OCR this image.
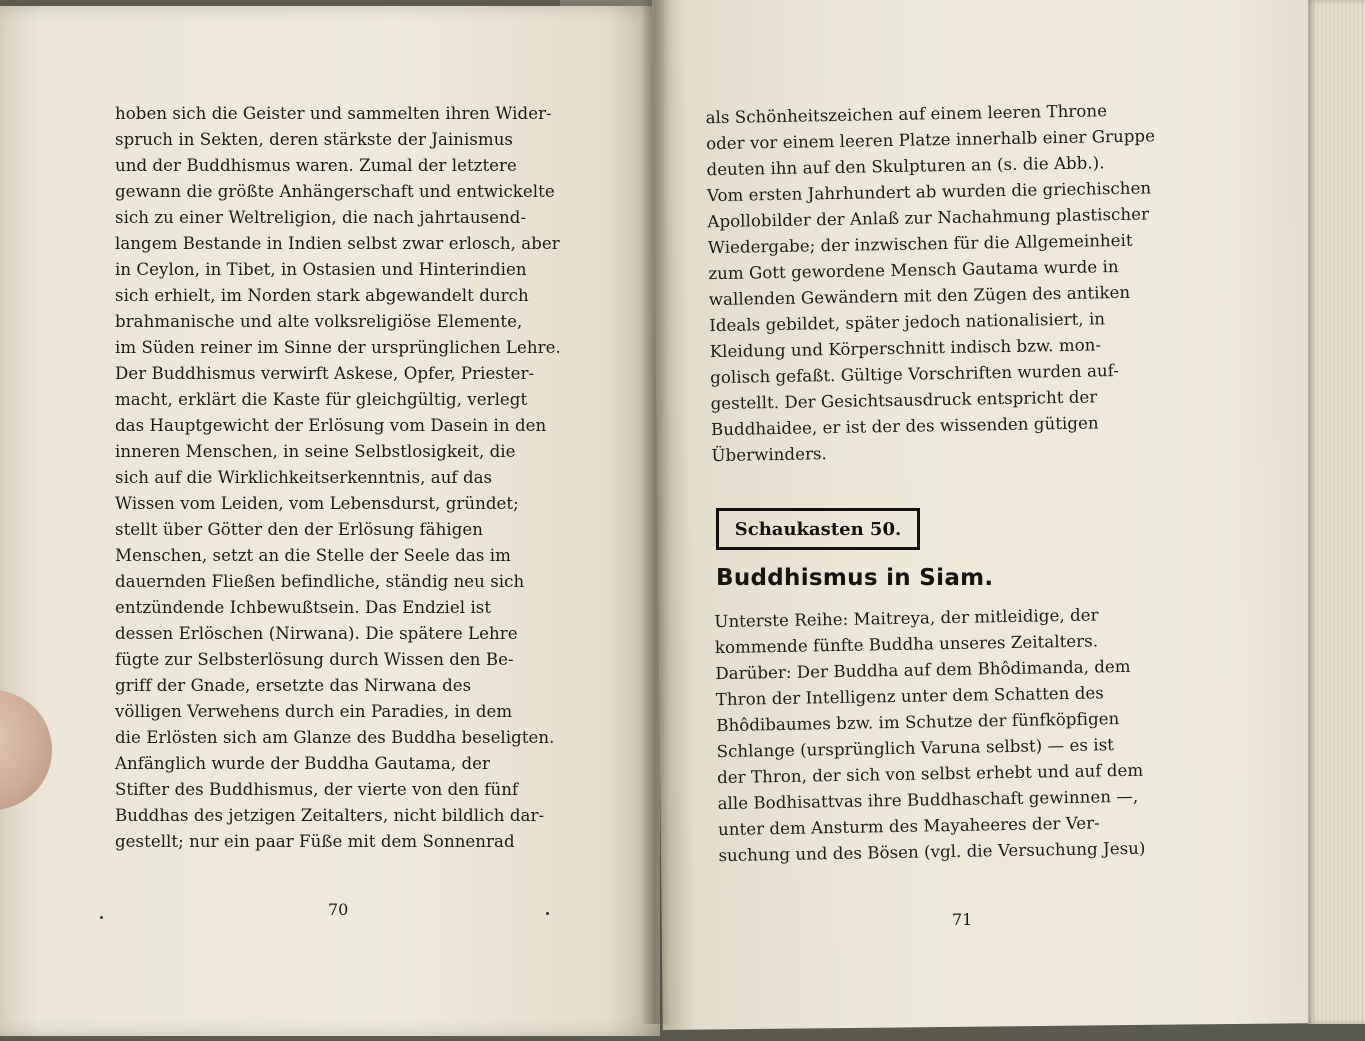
hoben sich die Geister und sammelten ihren Wider-
spruch in Sekten, deren stärkste der Jainismus
und der Buddhismus waren. Zumal der letztere
gewann die größte Anhängerschaft und entwickelte
sich zu einer Weltreligion, die nach jahrtausend-
langem Bestande in Indien selbst zwar erlosch, aber
in Ceylon, in Tibet, in Ostasien und Hinterindien
sich erhielt, im Norden stark abgewandelt durch
brahmanische und alte volksreligiöse Elemente,
im Süden reiner im Sinne der ursprünglichen Lehre.
Der Buddhismus verwirft Askese, Opfer, Priester-
macht, erklärt die Kaste für gleichgültig, verlegt
das Hauptgewicht der Erlösung vom Dasein in den
inneren Menschen, in seine Selbstlosigkeit, die
sich auf die Wirklichkeitserkenntnis, auf das
Wissen vom Leiden, vom Lebensdurst, gründet;
stellt über Götter den der Erlösung fähigen
Menschen, setzt an die Stelle der Seele das im
dauernden Fließen befindliche, ständig neu sich
entzündende Ichbewußtsein. Das Endziel ist
dessen Erlöschen (Nirwana). Die spätere Lehre
fügte zur Selbsterlösung durch Wissen den Be-
griff der Gnade, ersetzte das Nirwana des
völligen Verwehens durch ein Paradies, in dem
die Erlösten sich am Glanze des Buddha beseligten.
Anfänglich wurde der Buddha Gautama, der
Stifter des Buddhismus, der vierte von den fünf
Buddhas des jetzigen Zeitalters, nicht bildlich dar-
gestellt; nur ein paar Füße mit dem Sonnenrad
70
als Schönheitszeichen auf einem leeren Throne
oder vor einem leeren Platze innerhalb einer Gruppe
deuten ihn auf den Skulpturen an (s. die Abb.).
Vom ersten Jahrhundert ab wurden die griechischen
Apollobilder der Anlaß zur Nachahmung plastischer
Wiedergabe; der inzwischen für die Allgemeinheit
zum Gott gewordene Mensch Gautama wurde in
wallenden Gewändern mit den Zügen des antiken
Ideals gebildet, später jedoch nationalisiert, in
Kleidung und Körperschnitt indisch bzw. mon-
golisch gefaßt. Gültige Vorschriften wurden auf-
gestellt. Der Gesichtsausdruck entspricht der
Buddhaidee, er ist der des wissenden gütigen
Überwinders.
Unterste Reihe: Maitreya, der mitleidige, der
kommende fünfte Buddha unseres Zeitalters.
Darüber: Der Buddha auf dem Bhôdimanda, dem
Thron der Intelligenz unter dem Schatten des
Bhôdibaumes bzw. im Schutze der fünfköpfigen
Schlange (ursprünglich Varuna selbst) — es ist
der Thron, der sich von selbst erhebt und auf dem
alle Bodhisattvas ihre Buddhaschaft gewinnen —,
unter dem Ansturm des Mayaheeres der Ver-
suchung und des Bösen (vgl. die Versuchung Jesu)
Schaukasten 50.
Buddhismus in Siam.
71
